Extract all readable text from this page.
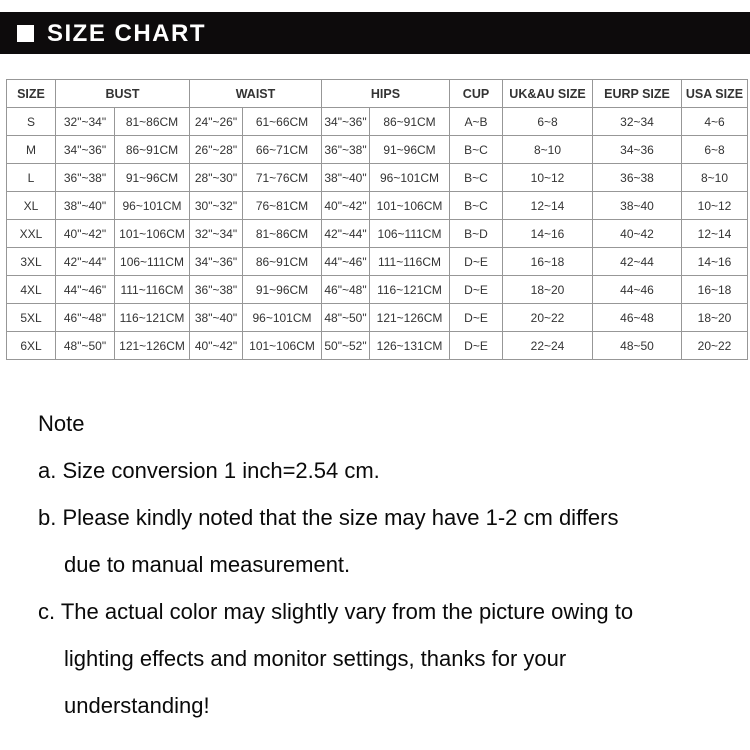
SIZE CHART
SIZE	BUST		WAIST		HIPS		CUP	UK&AU SIZE	EURP SIZE	USA SIZE
S	32"~34"	81~86CM	24"~26"	61~66CM	34"~36"	86~91CM	A~B	6~8	32~34	4~6
M	34"~36"	86~91CM	26"~28"	66~71CM	36"~38"	91~96CM	B~C	8~10	34~36	6~8
L	36"~38"	91~96CM	28"~30"	71~76CM	38"~40"	96~101CM	B~C	10~12	36~38	8~10
XL	38"~40"	96~101CM	30"~32"	76~81CM	40"~42"	101~106CM	B~C	12~14	38~40	10~12
XXL	40"~42"	101~106CM	32"~34"	81~86CM	42"~44"	106~111CM	B~D	14~16	40~42	12~14
3XL	42"~44"	106~111CM	34"~36"	86~91CM	44"~46"	111~116CM	D~E	16~18	42~44	14~16
4XL	44"~46"	111~116CM	36"~38"	91~96CM	46"~48"	116~121CM	D~E	18~20	44~46	16~18
5XL	46"~48"	116~121CM	38"~40"	96~101CM	48"~50"	121~126CM	D~E	20~22	46~48	18~20
6XL	48"~50"	121~126CM	40"~42"	101~106CM	50"~52"	126~131CM	D~E	22~24	48~50	20~22
Note
a. Size conversion 1 inch=2.54 cm.
b. Please kindly noted that the size may have 1-2 cm differs
due to manual measurement.
c. The actual color may slightly vary from the picture owing to
lighting effects and monitor settings, thanks for your
understanding!
